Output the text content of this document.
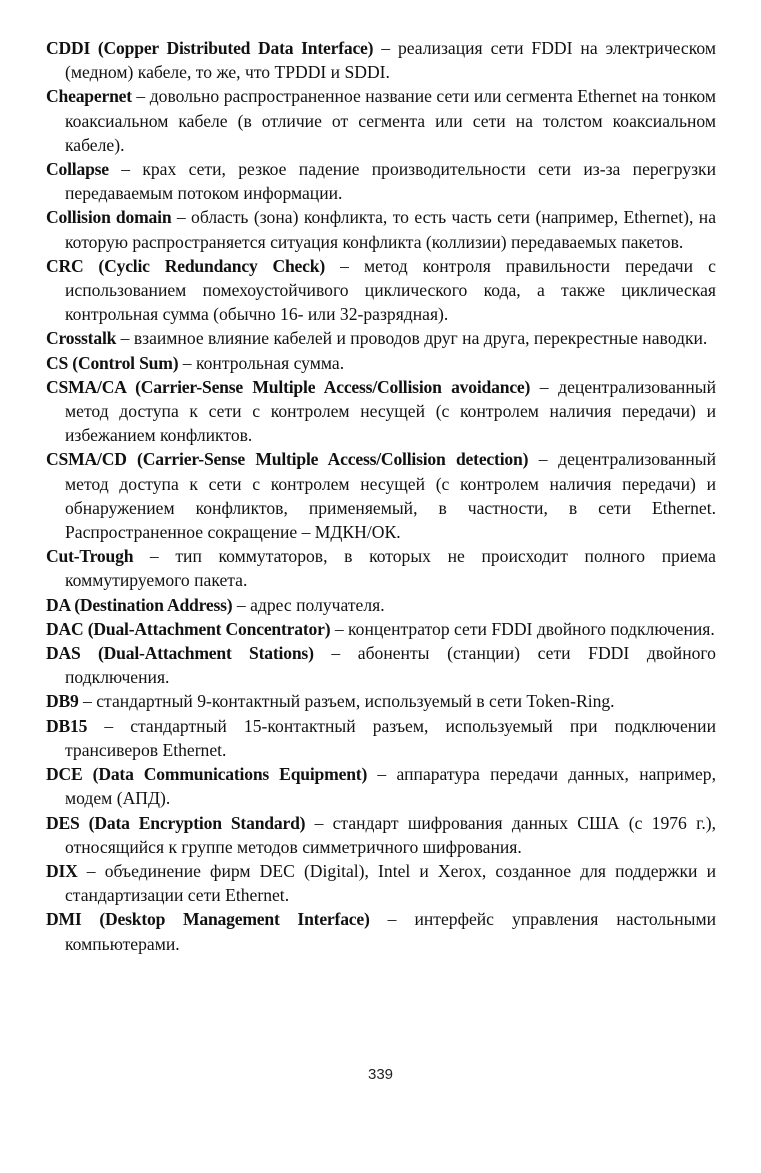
CDDI (Copper Distributed Data Interface) – реализация сети FDDI на электрическом (медном) кабеле, то же, что TPDDI и SDDI.

Cheapernet – довольно распространенное название сети или сегмента Ethernet на тонком коаксиальном кабеле (в отличие от сегмента или сети на толстом коаксиальном кабеле).

Collapse – крах сети, резкое падение производительности сети из-за перегрузки передаваемым потоком информации.

Collision domain – область (зона) конфликта, то есть часть сети (например, Ethernet), на которую распространяется ситуация конфликта (коллизии) передаваемых пакетов.

CRC (Cyclic Redundancy Check) – метод контроля правильности передачи с использованием помехоустойчивого циклического кода, а также циклическая контрольная сумма (обычно 16- или 32-разрядная).

Crosstalk – взаимное влияние кабелей и проводов друг на друга, перекрестные наводки.

CS (Control Sum) – контрольная сумма.

CSMA/CA (Carrier-Sense Multiple Access/Collision avoidance) – децентрализованный метод доступа к сети с контролем несущей (с контролем наличия передачи) и избежанием конфликтов.

CSMA/CD (Carrier-Sense Multiple Access/Collision detection) – децентрализованный метод доступа к сети с контролем несущей (с контролем наличия передачи) и обнаружением конфликтов, применяемый, в частности, в сети Ethernet. Распространенное сокращение – МДКН/ОК.

Cut-Trough – тип коммутаторов, в которых не происходит полного приема коммутируемого пакета.

DA (Destination Address) – адрес получателя.

DAC (Dual-Attachment Concentrator) – концентратор сети FDDI двойного подключения.

DAS (Dual-Attachment Stations) – абоненты (станции) сети FDDI двойного подключения.

DB9 – стандартный 9-контактный разъем, используемый в сети Token-Ring.

DB15 – стандартный 15-контактный разъем, используемый при подключении трансиверов Ethernet.

DCE (Data Communications Equipment) – аппаратура передачи данных, например, модем (АПД).

DES (Data Encryption Standard) – стандарт шифрования данных США (с 1976 г.), относящийся к группе методов симметричного шифрования.

DIX – объединение фирм DEC (Digital), Intel и Xerox, созданное для поддержки и стандартизации сети Ethernet.

DMI (Desktop Management Interface) – интерфейс управления настольными компьютерами.

339
